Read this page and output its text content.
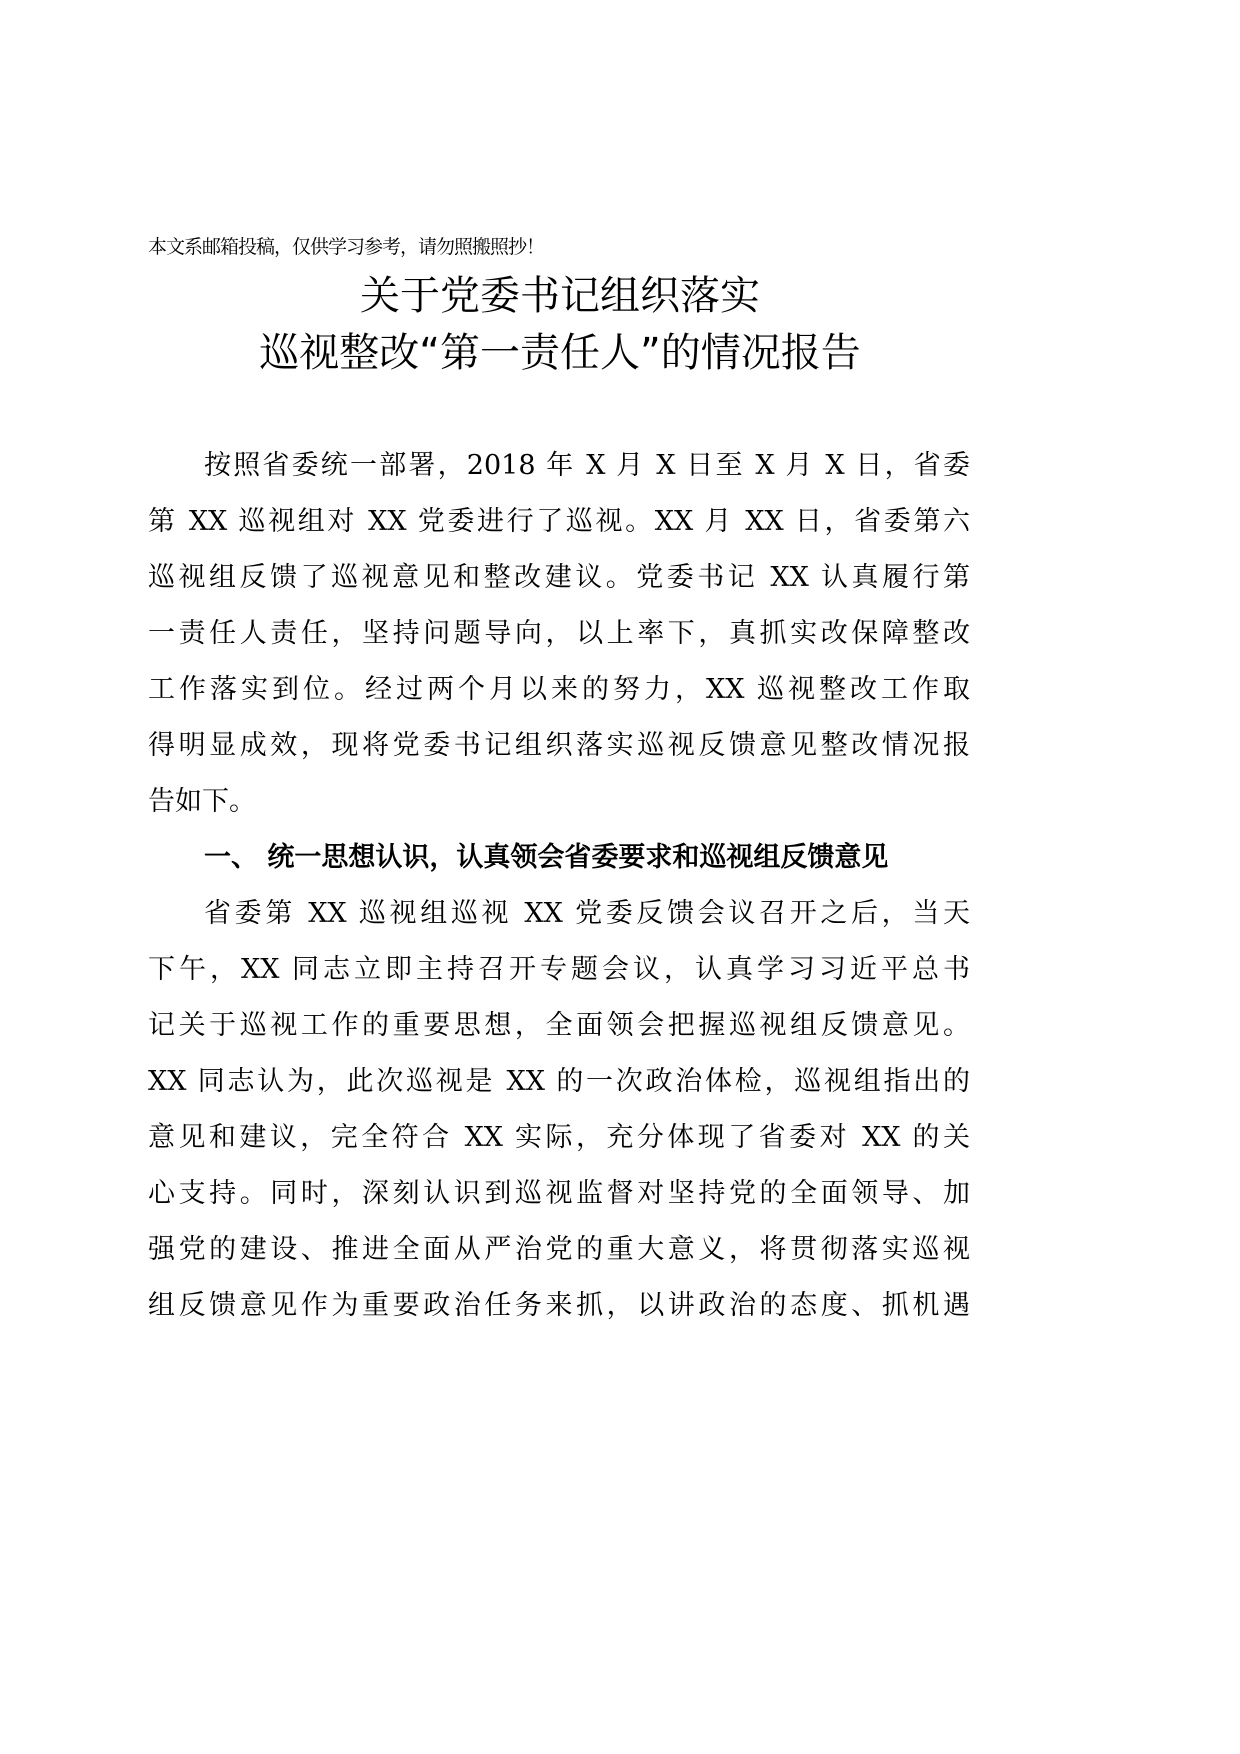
本文系邮箱投稿，仅供学习参考，请勿照搬照抄！
关于党委书记组织落实
巡视整改“第一责任人”的情况报告
按照省委统一部署，2018 年 X 月 X 日至 X 月 X 日，省委
第 XX 巡视组对 XX 党委进行了巡视。XX 月 XX 日，省委第六
巡视组反馈了巡视意见和整改建议。党委书记 XX 认真履行第
一责任人责任，坚持问题导向，以上率下，真抓实改保障整改
工作落实到位。经过两个月以来的努力，XX 巡视整改工作取
得明显成效，现将党委书记组织落实巡视反馈意见整改情况报
告如下。
一、 统一思想认识，认真领会省委要求和巡视组反馈意见
省委第 XX 巡视组巡视 XX 党委反馈会议召开之后，当天
下午，XX 同志立即主持召开专题会议，认真学习习近平总书
记关于巡视工作的重要思想，全面领会把握巡视组反馈意见。
XX 同志认为，此次巡视是 XX 的一次政治体检，巡视组指出的
意见和建议，完全符合 XX 实际，充分体现了省委对 XX 的关
心支持。同时，深刻认识到巡视监督对坚持党的全面领导、加
强党的建设、推进全面从严治党的重大意义，将贯彻落实巡视
组反馈意见作为重要政治任务来抓，以讲政治的态度、抓机遇
